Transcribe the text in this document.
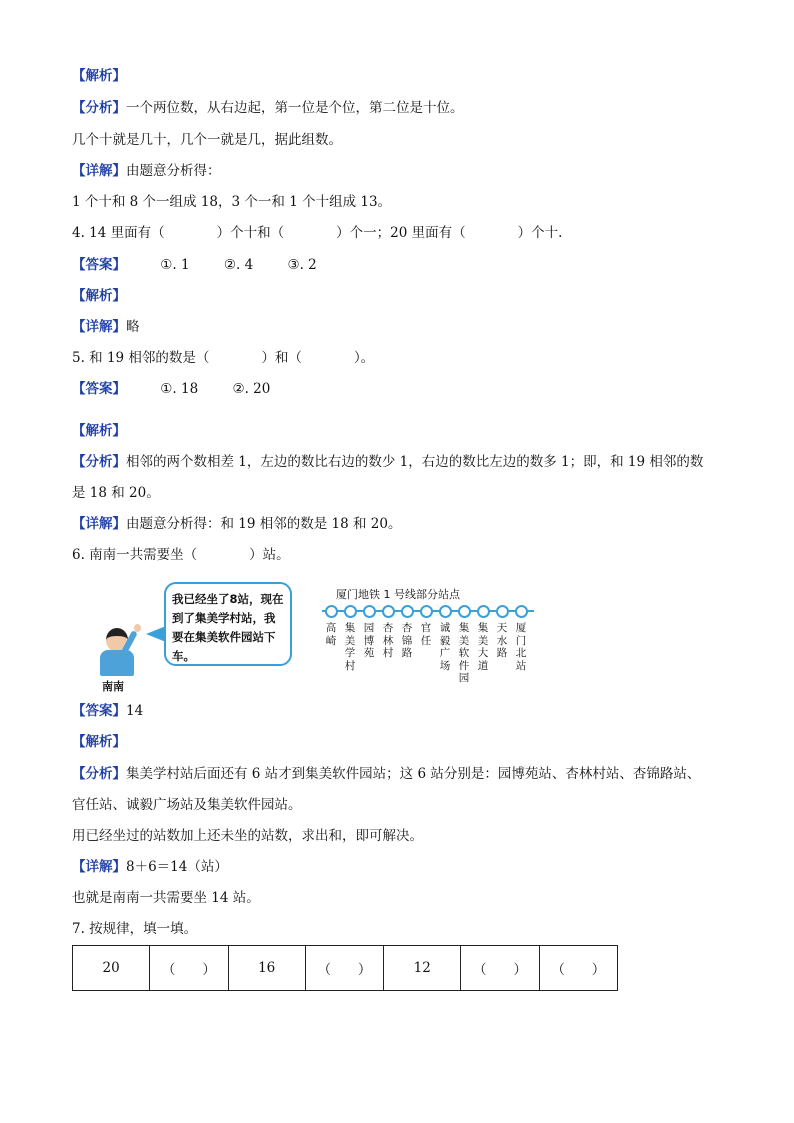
【解析】
【分析】一个两位数，从右边起，第一位是个位，第二位是十位。
几个十就是几十，几个一就是几，据此组数。
【详解】由题意分析得：
1 个十和 8 个一组成 18，3 个一和 1 个十组成 13。
4. 14 里面有（	）个十和（	）个一；20 里面有（	）个十.
【答案】	①. 1	②. 4	③. 2
【解析】
【详解】略
5. 和 19 相邻的数是（	）和（	）。
【答案】	①. 18	②. 20
【解析】
【分析】相邻的两个数相差 1，左边的数比右边的数少 1，右边的数比左边的数多 1；即，和 19 相邻的数
是 18 和 20。
【详解】由题意分析得：和 19 相邻的数是 18 和 20。
6. 南南一共需要坐（	）站。
南南
我已经坐了8站，现在到了集美学村站，我要在集美软件园站下车。
厦门地铁 1 号线部分站点
高崎
集美学村
园博苑
杏林村
杏锦路
官任
诚毅广场
集美软件园
集美大道
天水路
厦门北站
【答案】14
【解析】
【分析】集美学村站后面还有 6 站才到集美软件园站；这 6 站分别是：园博苑站、杏林村站、杏锦路站、
官任站、诚毅广场站及集美软件园站。
用已经坐过的站数加上还未坐的站数，求出和，即可解决。
【详解】8＋6＝14（站）
也就是南南一共需要坐 14 站。
7. 按规律，填一填。
20	（　　）	16	（　　）	12	（　　）	（　　）
